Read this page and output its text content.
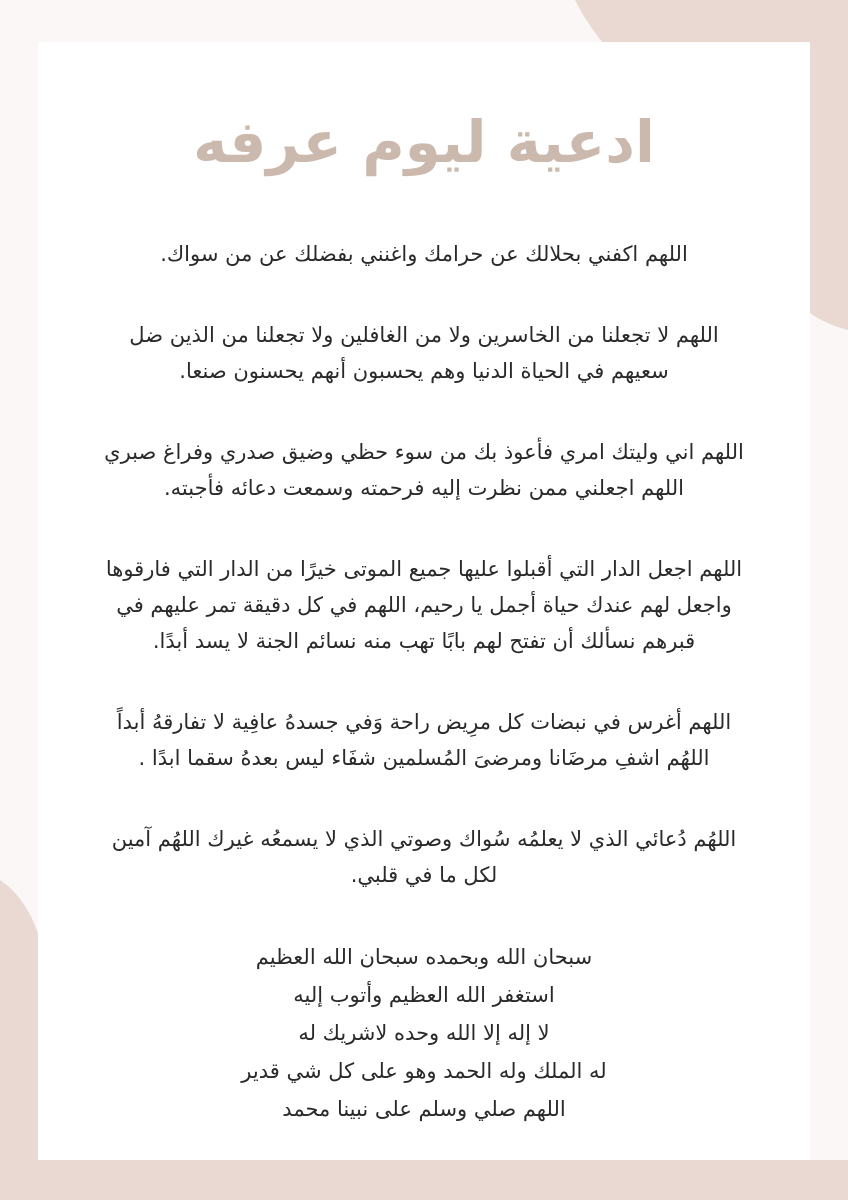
ادعية ليوم عرفه

اللهم اكفني بحلالك عن حرامك واغنني بفضلك عن من سواك.

اللهم لا تجعلنا من الخاسرين ولا من الغافلين ولا تجعلنا من الذين ضل سعيهم في الحياة الدنيا وهم يحسبون أنهم يحسنون صنعا.

اللهم اني وليتك امري فأعوذ بك من سوء حظي وضيق صدري وفراغ صبري اللهم اجعلني ممن نظرت إليه فرحمته وسمعت دعائه فأجبته.

اللهم اجعل الدار التي أقبلوا عليها جميع الموتى خيرًا من الدار التي فارقوها واجعل لهم عندك حياة أجمل يا رحيم، اللهم في كل دقيقة تمر عليهم في قبرهم نسألك أن تفتح لهم بابًا تهب منه نسائم الجنة لا يسد أبدًا.

اللهم أغرس في نبضات كل مرِيض راحة وَفي جسدهُ عافِية لا تفارقهُ أبداً اللهُم اشفِ مرضَانا ومرضىَ المُسلمين شفَاء ليس بعدهُ سقما ابدًا .

اللهُم دُعائي الذي لا يعلمُه سُواك وصوتي الذي لا يسمعُه غيرك اللهُم آمين لكل ما في قلبي.

سبحان الله وبحمده سبحان الله العظيم
استغفر الله العظيم وأتوب إليه
لا إله إلا الله وحده لاشريك له
له الملك وله الحمد وهو على كل شي قدير
اللهم صلي وسلم على نبينا محمد
